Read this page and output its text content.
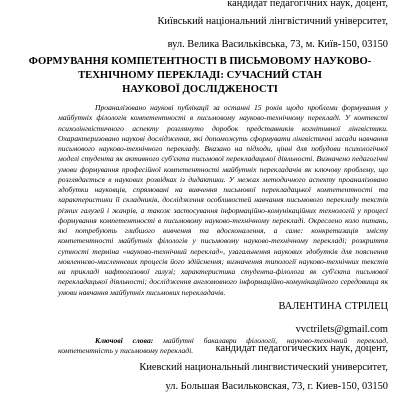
кандидат педагогічних наук, доцент,
Київський національний лінгвістичний університет,
вул. Велика Васильківська, 73, м. Київ-150, 03150
ФОРМУВАННЯ КОМПЕТЕНТНОСТІ В ПИСЬМОВОМУ НАУКОВО-
ТЕХНІЧНОМУ ПЕРЕКЛАДІ: СУЧАСНИЙ СТАН
НАУКОВОЇ ДОСЛІДЖЕНОСТІ
Проаналізовано наукові публікації за останні 15 років щодо проблеми формування у майбутніх філологів компетентності в письмовому науково-технічному перекладі. У контексті психолінгвістичного аспекту розглянуто доробок представників когнітивної лінгвістики. Охарактеризовано наукові дослідження, які допоможуть сформувати лінгвістичні засади навчання письмового науково-технічного перекладу. Вказано на підходи, цінні для побудови психологічної моделі студента як активного суб'єкта письмової перекладацької діяльності. Визначено педагогічні умови формування професійної компетентності майбутніх перекладачів як ключову проблему, що розглядається в наукових розвідках із дидактики. У межах методичного аспекту проаналізовано здобутки науковців, спрямовані на вивчення письмової перекладацької компетентності та характеристики її складників, дослідження особливостей навчання письмового перекладу текстів різних галузей і жанрів, а також застосування інформаційно-комунікаційних технологій у процесі формування компетентності в письмовому науково-технічному перекладі. Окреслено коло питань, які потребують глибшого вивчення та вдосконалення, а саме: конкретизація змісту компетентності майбутніх філологів у письмовому науково-технічному перекладі; розкриття сутності терміна «науково-технічний переклад», узагальнення наукових здобутків для пояснення мовленнєво-мисленнєвих процесів його здійснення; визначення типології науково-технічних текстів на прикладі нафтогазової галузі; характеристика студента-філолога як суб'єкта письмової перекладацької діяльності; дослідження англомовного інформаційно-комунікаційного середовища як умови навчання майбутніх письмових перекладачів.
Ключові слова: майбутні бакалаври філології, науково-технічний переклад, компетентність у письмовому перекладі.
ВАЛЕНТИНА СТРІЛЕЦ
vvctrilets@gmail.com
кандидат педагогических наук, доцент,
Киевский национальный лингвистический университет,
ул. Большая Васильковская, 73, г. Киев-150, 03150
